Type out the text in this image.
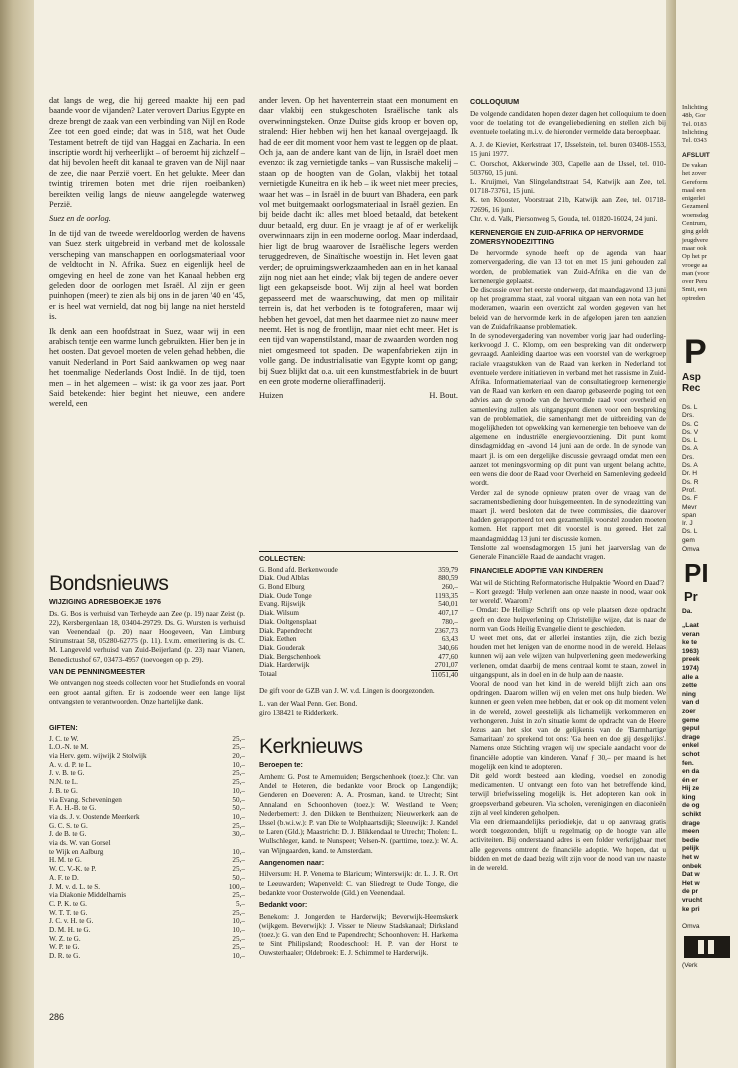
dat langs de weg, die hij gereed maakte hij een pad baande voor de vijanden? Later verovert Darius Egypte en dreze brengt de zaak van een verbinding van Nijl en Rode Zee tot een goed einde; dat was in 518, wat het Oude Testament betreft de tijd van Haggai en Zacharia. In een inscriptie wordt hij verheerlijkt – of beroemt hij zichzelf – dat hij bevolen heeft dit kanaal te graven van de Nijl naar de zee, die naar Perzië voert. En het gelukte. Meer dan twintig triremen boten met drie rijen roeibanken) bereikten veilig langs de nieuw aangelegde waterweg Perzië.

Suez en de oorlog.

In de tijd van de tweede wereldoorlog werden de havens van Suez sterk uitgebreid in verband met de kolossale verscheping van manschappen en oorlogsmateriaal voor de veldtocht in N. Afrika. Suez en eigenlijk heel de omgeving en heel de zone van het Kanaal hebben erg geleden door de oorlogen met Israël. Al zijn er geen puinhopen (meer) te zien als bij ons in de jaren '40 en '45, er is heel wat vernield, dat nog bij lange na niet hersteld is.

Ik denk aan een hoofdstraat in Suez, waar wij in een arabisch tentje een warme lunch gebruikten. Hier ben je in het oosten. Dat gevoel moeten de velen gehad hebben, die vanuit Nederland in Port Said aankwamen op weg naar het toenmalige Nederlands Oost Indië. In de tijd, toen men – in het algemeen – wist: ik ga voor zes jaar. Port Said betekende: hier begint het nieuwe, een andere wereld, een

Bondsnieuws
WIJZIGING ADRESBOEKJE 1976

Ds. G. Bos is verhuisd van Terheyde aan Zee (p. 19) naar Zeist (p. 22), Kersbergenlaan 18, 03404-29729. Ds. G. Wursten is verhuisd van Veenendaal (p. 20) naar Hoogeveen, Van Limburg Stirumstraat 58, 05280-62775 (p. 11). I.v.m. emeritering is ds. C. M. Langeveld verhuisd van Zuid-Beijerland (p. 23) naar Vianen, Benedictushof 67, 03473-4957 (toevoegen op p. 29).

VAN DE PENNINGMEESTER

We ontvangen nog steeds collecten voor het Studiefonds en vooral een groot aantal giften. Er is zodoende weer een lange lijst ontvangsten te verantwoorden. Onze hartelijke dank.

GIFTEN:
J. C. te W.	25,–
L.O.-N. te M.	25,–
via Herv. gem. wijwijk 2 Stolwijk	20,–
A. v. d. P. te L.	10,–
J. v. B. te G.	25,–
N.N. te L.	25,–
J. B. te G.	10,–
via Evang. Scheveningen	50,–
F. A. H.-B. te G.	50,–
via ds. J. v. Oostende Meerkerk	10,–
G. C. S. te G.	25,–
J. de B. te G.	30,–
via ds. W. van Gorsel
te Wijk en Aalburg	10,–
H. M. te G.	25,–
W. C. V.-K. te P.	25,–
A. F. te D.	50,–
J. M. v. d. L. te S.	100,–
via Diakonie Middelharnis	25,–
C. P. K. te G.	5,–
W. T. T. te G.	25,–
J. C. v. H. te G.	10,–
D. M. H. te G.	10,–
W. Z. te G.	25,–
W. P. te G.	25,–
D. R. te G.	10,–
286

ander leven. Op het haventerrein staat een monument en daar vlakbij een stukgeschoten Israëlische tank als overwinningsteken. Onze Duitse gids kroop er boven op, stralend: Hier hebben wij hen het kanaal overgejaagd. Ik had de eer dit moment voor hem vast te leggen op de plaat. Och ja, aan de andere kant van de lijn, in Israël doet men evenzo: ik zag vernietigde tanks – van Russische makelij – staan op de hoogten van de Golan, vlakbij het totaal vernietigde Kuneitra en ik heb – ik weet niet meer precies, waar het was – in Israël in de buurt van Bhadera, een park vol met buitgemaakt oorlogsmateriaal in Israël gezien. En bij beide dacht ik: alles met bloed betaald, dat betekent duur betaald, erg duur. En je vraagt je af of er werkelijk overwinnaars zijn in een moderne oorlog. Maar inderdaad, hier ligt de brug waarover de Israëlische legers werden teruggedreven, de Sinaïtische woestijn in. Het leven gaat verder; de opruimingswerkzaamheden aan en in het kanaal zijn nog niet aan het einde; vlak bij tegen de andere oever ligt een gekapseisde boot. Wij zijn al heel wat borden gepasseerd met de waarschuwing, dat men op militair terrein is, dat het verboden is te fotograferen, maar wij hebben het gevoel, dat men het daarmee niet zo nauw meer neemt. Het is nog de frontlijn, maar niet echt meer. Het is een tijd van wapenstilstand, maar de zwaarden worden nog niet omgesmeed tot spaden. De wapenfabrieken zijn in volle gang. De industrialisatie van Egypte komt op gang; bij Suez blijkt dat o.a. uit een kunstmestfabriek in de buurt en een grote moderne olieraffinaderij.

Huizen	H. Bout.
COLLECTEN:
G. Bond afd. Berkenwoude	359,79
Diak. Oud Alblas	880,59
G. Bond Elburg	260,–
Diak. Oude Tonge	1193,35
Evang. Rijswijk	540,01
Diak. Wilsum	407,17
Diak. Ooltgensplaat	780,–
Diak. Papendrecht	2367,73
Diak. Eethen	63,43
Diak. Gouderak	340,66
Diak. Bergschenhoek	477,60
Diak. Harderwijk	2701,07
Totaal	11051,40

De gift voor de GZB van J. W. v.d. Lingen is doorgezonden.

L. van der Waal Penn. Ger. Bond.

giro 138421 te Ridderkerk.

Kerknieuws
Beroepen te:

Arnhem: G. Post te Arnemuiden; Bergschenhoek (toez.): Chr. van Andel te Heteren, die bedankte voor Brock op Langendijk; Genderen en Doeveren: A. A. Prosman, kand. te Utrecht; Sint Annaland en Schoonhoven (toez.): W. Westland te Veen; Nederbemert: J. den Dikken te Benthuizen; Nieuwerkerk aan de IJssel (b.w.i.w.): P. van Die te Wolphaartsdijk; Sleeuwijk: J. Kandel te Laren (Gld.); Maastricht: D. J. Blikkendaal te Utrecht; Tholen: L. Wullschleger, kand. te Nunspeet; Velsen-N. (parttime, toez.): W. A. van Wijngaarden, kand. te Amsterdam.

Aangenomen naar:

Hilversum: H. P. Venema te Blaricum; Winterswijk: dr. L. J. R. Ort te Leeuwarden; Wapenveld: C. van Sliedregt te Oude Tonge, die bedankte voor Oosterwolde (Gld.) en Veenendaal.

Bedankt voor:

Benekom: J. Jongerden te Harderwijk; Beverwijk-Heemskerk (wijkgem. Beverwijk): J. Visser te Nieuw Stadskanaal; Dirksland (toez.): G. van den End te Papendrecht; Schoonhoven: H. Harkema te Sint Philipsland; Roodeschool: H. P. van der Horst te Ouwsterhaaler; Oldebroek: E. J. Schimmel te Harderwijk.

COLLOQUIUM

De volgende candidaten hopen dezer dagen het colloquium te doen voor de toelating tot de evangeliebediening en stellen zich bij eventuele toelating m.i.v. de hieronder vermelde data beroepbaar.

A. J. de Kieviet, Kerkstraat 17, IJsselstein, tel. buren 03408-1553, 15 juni 1977.

C. Oorschot, Akkerwinde 303, Capelle aan de IJssel, tel. 010-503760, 15 juni.

L. Kruijmei, Van Slingelandtstraat 54, Katwijk aan Zee, tel. 01718-73761, 15 juni.

K. ten Klooster, Voorstraat 21b, Katwijk aan Zee, tel. 01718-72696, 16 juni.

Chr. v. d. Valk, Piersonweg 5, Gouda, tel. 01820-16024, 24 juni.

KERNENERGIE EN ZUID-AFRIKA OP HERVORMDE ZOMERSYNODEZITTING

De hervormde synode heeft op de agenda van haar zomervergadering, die van 13 tot en met 15 juni gehouden zal worden, de problematiek van Zuid-Afrika en die van de kernenergie geplaatst.

De discussie over het eerste onderwerp, dat maandagavond 13 juni op het programma staat, zal vooral uitgaan van een nota van het moderamen, waarin een overzicht zal worden gegeven van het beleid van de hervormde kerk in de afgelopen jaren ten aanzien van de Zuidafrikaanse problematiek.

In de synodevergadering van november vorig jaar had ouderling-kerkvoogd J. C. Klomp, om een bespreking van dit onderwerp gevraagd. Aanleiding daartoe was een voorstel van de werkgroep raciale vraagstukken van de Raad van kerken in Nederland tot eventuele verdere initiatieven in verband met het rassisme in Zuid-Afrika. Informatiemateriaal van de consultatiegroep kernenergie van de Raad van kerken en een daarop gebaseerde poging tot een advies aan de synode van de hervormde raad voor overheid en samenleving zullen als uitgangspunt dienen voor een bespreking van de problematiek, die samenhangt met de uitbreiding van de mogelijkheden tot opwekking van kernenergie ten behoeve van de algemene en industriële energievoorziening. Dit punt komt dinsdagmiddag en -avond 14 juni aan de orde. In de synode van maart jl. is om een dergelijke discussie gevraagd omdat men een aanzet tot meningsvorming op dit punt van urgent belang achtte, een wens die door de Raad voor Overheid en Samenleving gedeeld wordt.

Verder zal de synode opnieuw praten over de vraag van de sacramentsbediening door huisgemeenten. In de synodezitting van maart jl. werd besloten dat de twee commissies, die daarover hadden gerapporteerd tot een gezamenlijk voorstel zouden moeten komen. Het rapport met dit voorstel is nu gereed. Het zal maandagmiddag 13 juni ter discussie komen.

Tenslotte zal woensdagmorgen 15 juni het jaarverslag van de Generale Financiële Raad de aandacht vragen.

FINANCIELE ADOPTIE VAN KINDEREN

Wat wil de Stichting Reformatorische Hulpaktie 'Woord en Daad'?

– Kort gezegd: 'Hulp verlenen aan onze naaste in nood, waar ook ter wereld'. Waarom?

– Omdat: De Heilige Schrift ons op vele plaatsen deze opdracht geeft en deze hulpverlening op Christelijke wijze, dat is naar de norm van Gods Heilig Evangelie dient te geschieden.

U weet met ons, dat er allerlei instanties zijn, die zich bezig houden met het lenigen van de enorme nood in de wereld. Helaas kunnen wij aan vele wijzen van hulpverlening geen medewerking verlenen, omdat daarbij de mens centraal komt te staan, zowel in uitgangspunt, als in doel en in de hulp aan de naaste.

Vooral de nood van het kind in de wereld blijft zich aan ons opdringen. Daarom willen wij en velen met ons hulp bieden. We kunnen er geen velen mee hebben, dat er ook op dit moment velen in de wereld, zowel geestelijk als lichamelijk verkommeren en verhongeren. Juist in zo'n situatie komt de opdracht van de Heere Jezus aan het slot van de gelijkenis van de 'Barmhartige Samaritaan' zo sprekend tot ons: 'Ga heen en doe gij desgelijks'. Namens onze Stichting vragen wij uw speciale aandacht voor de financiële adoptie van kinderen. Vanaf ƒ 30,– per maand is het mogelijk een kind te adopteren.

Dit geld wordt besteed aan kleding, voedsel en zonodig medicamenten. U ontvangt een foto van het betreffende kind, terwijl briefwisseling mogelijk is. Het adopteren kan ook in groepsverband gebeuren. Via scholen, verenigingen en diaconieën zijn al veel kinderen geholpen.

Via een driemaandelijks periodiekje, dat u op aanvraag gratis wordt toegezonden, blijft u regelmatig op de hoogte van alle activiteiten. Bij onderstaand adres is een folder verkrijgbaar met alle gegevens omtrent de financiële adoptie. We hopen, dat u bidden en met de daad bezig wilt zijn voor de nood van uw naaste in de wereld.

Inlichting
48b, Gor
Tel. 0183
Inlichting
Tel. 0343
AFSLUIT
De vakan
het zover
Gereform
maal een
enigerlei
Gezamenl
woensdag
Centrum,
ging geldt
jeugdvere
maar ook
Op het pr
vroege aa
man (voor
over Peru
Smit, een
optreden
P
Asp
Rec
Ds. L
Drs.
Ds. C
Ds. V
Ds. L
Ds. A
Drs.
Ds. A
Dr. H
Ds. R
Prof.
Ds. F
Mevr
span
Ir. J
Ds. L
gem
Omva
PI
Pr
Da.
„Laat
veran
ke te
1963)
preek
1974)
alle a
zette
ning
van d
zoer
geme
gepul
drage
enkel
schot
fen.
en da
én er
Hij ze
king
de og
schikt
drage
meen
bedie
pelijk
het w
onbek
Dat w
Het w
de pr
vrucht
ke pri
Omva
(Verk
